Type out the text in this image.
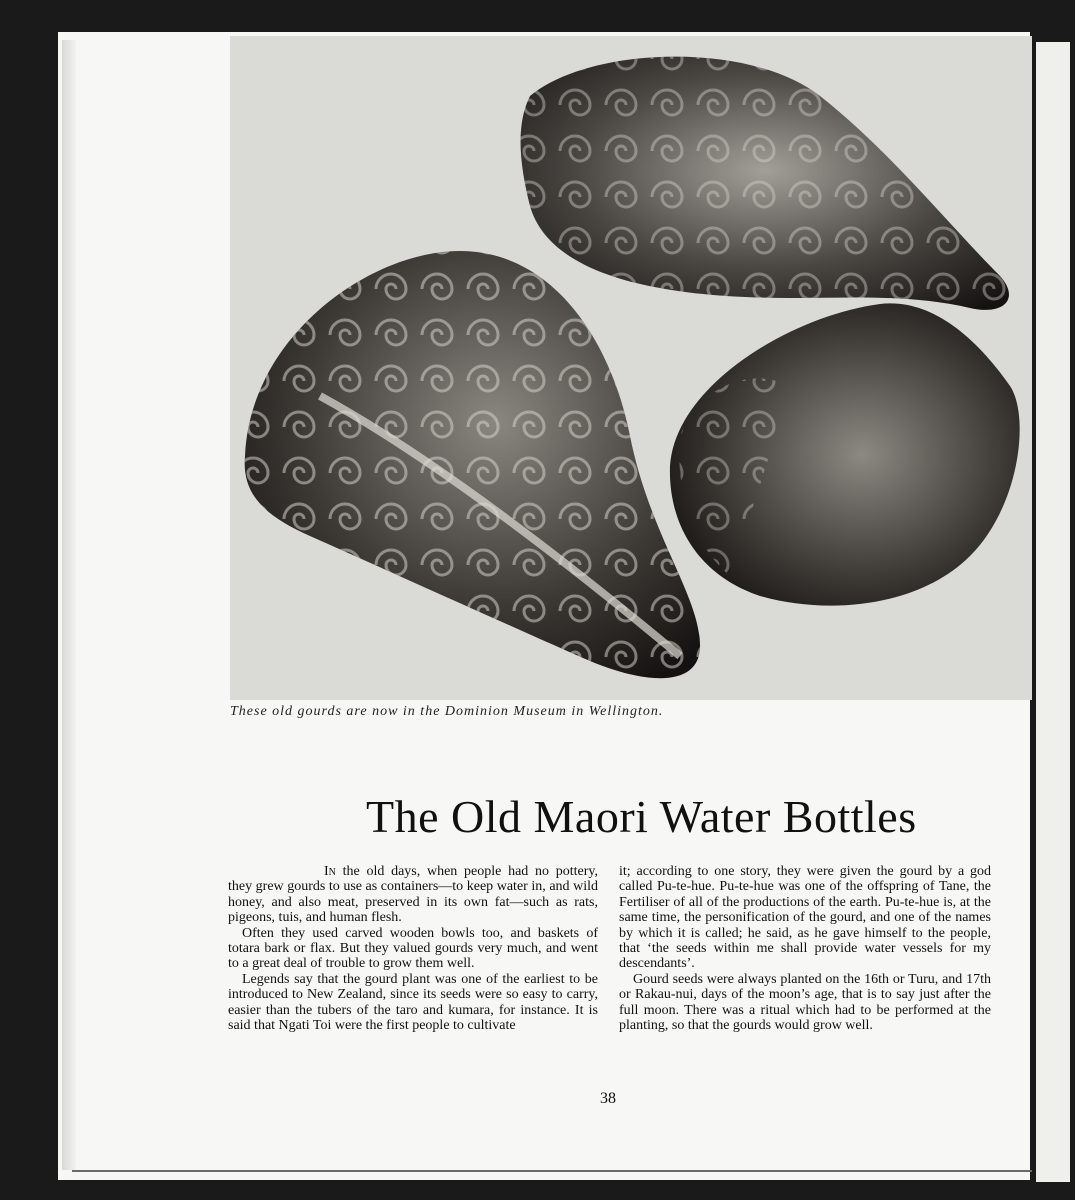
These old gourds are now in the Dominion Museum in Wellington.
The Old Maori Water Bottles

In the old days, when people had no pottery, they grew gourds to use as containers—to keep water in, and wild honey, and also meat, preserved in its own fat—such as rats, pigeons, tuis, and human flesh.

Often they used carved wooden bowls too, and baskets of totara bark or flax. But they valued gourds very much, and went to a great deal of trouble to grow them well.

Legends say that the gourd plant was one of the earliest to be introduced to New Zealand, since its seeds were so easy to carry, easier than the tubers of the taro and kumara, for instance. It is said that Ngati Toi were the first people to cultivate

it; according to one story, they were given the gourd by a god called Pu-te-hue. Pu-te-hue was one of the offspring of Tane, the Fertiliser of all of the productions of the earth. Pu-te-hue is, at the same time, the personification of the gourd, and one of the names by which it is called; he said, as he gave himself to the people, that ‘the seeds within me shall provide water vessels for my descendants’.

Gourd seeds were always planted on the 16th or Turu, and 17th or Rakau-nui, days of the moon’s age, that is to say just after the full moon. There was a ritual which had to be performed at the planting, so that the gourds would grow well.

38
